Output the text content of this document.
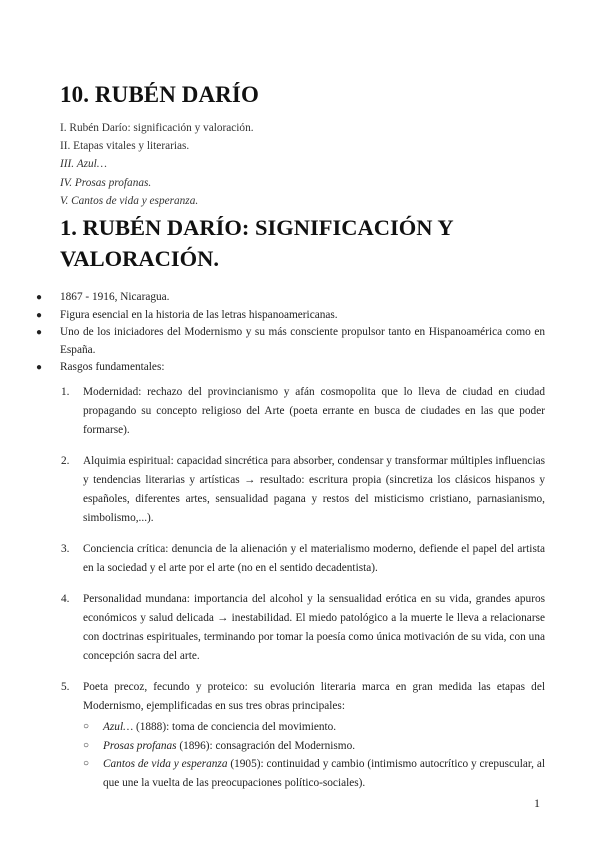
10. RUBÉN DARÍO
I. Rubén Darío: significación y valoración.
II. Etapas vitales y literarias.
III. Azul…
IV. Prosas profanas.
V. Cantos de vida y esperanza.
1. RUBÉN DARÍO: SIGNIFICACIÓN Y VALORACIÓN.
● 1867 - 1916, Nicaragua.
● Figura esencial en la historia de las letras hispanoamericanas.
● Uno de los iniciadores del Modernismo y su más consciente propulsor tanto en Hispanoamérica como en España.
● Rasgos fundamentales:
1. Modernidad: rechazo del provincianismo y afán cosmopolita que lo lleva de ciudad en ciudad propagando su concepto religioso del Arte (poeta errante en busca de ciudades en las que poder formarse).
2. Alquimia espiritual: capacidad sincrética para absorber, condensar y transformar múltiples influencias y tendencias literarias y artísticas → resultado: escritura propia (sincretiza los clásicos hispanos y españoles, diferentes artes, sensualidad pagana y restos del misticismo cristiano, parnasianismo, simbolismo,...).
3. Conciencia crítica: denuncia de la alienación y el materialismo moderno, defiende el papel del artista en la sociedad y el arte por el arte (no en el sentido decadentista).
4. Personalidad mundana: importancia del alcohol y la sensualidad erótica en su vida, grandes apuros económicos y salud delicada → inestabilidad. El miedo patológico a la muerte le lleva a relacionarse con doctrinas espirituales, terminando por tomar la poesía como única motivación de su vida, con una concepción sacra del arte.
5. Poeta precoz, fecundo y proteico: su evolución literaria marca en gran medida las etapas del Modernismo, ejemplificadas en sus tres obras principales:
○ Azul… (1888): toma de conciencia del movimiento.
○ Prosas profanas (1896): consagración del Modernismo.
○ Cantos de vida y esperanza (1905): continuidad y cambio (intimismo autocrítico y crepuscular, al que une la vuelta de las preocupaciones político-sociales).
1
